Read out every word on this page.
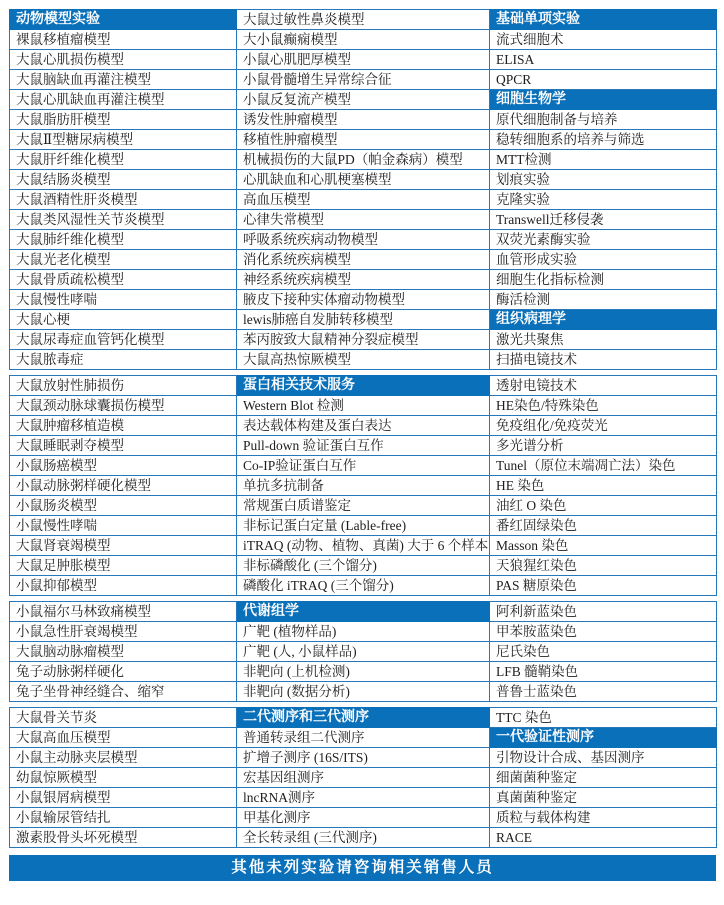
动物模型实验	大鼠过敏性鼻炎模型	基础单项实验
裸鼠移植瘤模型	大小鼠癫痫模型	流式细胞术
大鼠心肌损伤模型	小鼠心肌肥厚模型	ELISA
大鼠脑缺血再灌注模型	小鼠骨髓增生异常综合征	QPCR
大鼠心肌缺血再灌注模型	小鼠反复流产模型	细胞生物学
大鼠脂肪肝模型	诱发性肿瘤模型	原代细胞制备与培养
大鼠Ⅱ型糖尿病模型	移植性肿瘤模型	稳转细胞系的培养与筛选
大鼠肝纤维化模型	机械损伤的大鼠PD（帕金森病）模型	MTT检测
大鼠结肠炎模型	心肌缺血和心肌梗塞模型	划痕实验
大鼠酒精性肝炎模型	高血压模型	克隆实验
大鼠类风湿性关节炎模型	心律失常模型	Transwell迁移侵袭
大鼠肺纤维化模型	呼吸系统疾病动物模型	双荧光素酶实验
大鼠光老化模型	消化系统疾病模型	血管形成实验
大鼠骨质疏松模型	神经系统疾病模型	细胞生化指标检测
大鼠慢性哮喘	腋皮下接种实体瘤动物模型	酶活检测
大鼠心梗	lewis肺癌自发肺转移模型	组织病理学
大鼠尿毒症血管钙化模型	苯丙胺致大鼠精神分裂症模型	激光共聚焦
大鼠脓毒症	大鼠高热惊厥模型	扫描电镜技术
大鼠放射性肺损伤	蛋白相关技术服务	透射电镜技术
大鼠颈动脉球囊损伤模型	Western Blot 检测	HE染色/特殊染色
大鼠肿瘤移植造模	表达载体构建及蛋白表达	免疫组化/免疫荧光
大鼠睡眠剥夺模型	Pull-down 验证蛋白互作	多光谱分析
小鼠肠癌模型	Co-IP验证蛋白互作	Tunel（原位末端凋亡法）染色
小鼠动脉粥样硬化模型	单抗多抗制备	HE 染色
小鼠肠炎模型	常规蛋白质谱鉴定	油红 O 染色
小鼠慢性哮喘	非标记蛋白定量 (Lable-free)	番红固绿染色
大鼠肾衰竭模型	iTRAQ (动物、植物、真菌) 大于 6 个样本	Masson 染色
大鼠足肿胀模型	非标磷酸化 (三个馏分)	天狼猩红染色
小鼠抑郁模型	磷酸化 iTRAQ (三个馏分)	PAS 糖原染色
小鼠福尔马林致痛模型	代谢组学	阿利新蓝染色
小鼠急性肝衰竭模型	广靶 (植物样品)	甲苯胺蓝染色
大鼠脑动脉瘤模型	广靶 (人, 小鼠样品)	尼氏染色
兔子动脉粥样硬化	非靶向 (上机检测)	LFB 髓鞘染色
兔子坐骨神经缝合、缩窄	非靶向 (数据分析)	普鲁士蓝染色
大鼠骨关节炎	二代测序和三代测序	TTC 染色
大鼠高血压模型	普通转录组二代测序	一代验证性测序
小鼠主动脉夹层模型	扩增子测序 (16S/ITS)	引物设计合成、基因测序
幼鼠惊厥模型	宏基因组测序	细菌菌种鉴定
小鼠银屑病模型	lncRNA测序	真菌菌种鉴定
小鼠输尿管结扎	甲基化测序	质粒与载体构建
激素股骨头坏死模型	全长转录组 (三代测序)	RACE
其他未列实验请咨询相关销售人员
